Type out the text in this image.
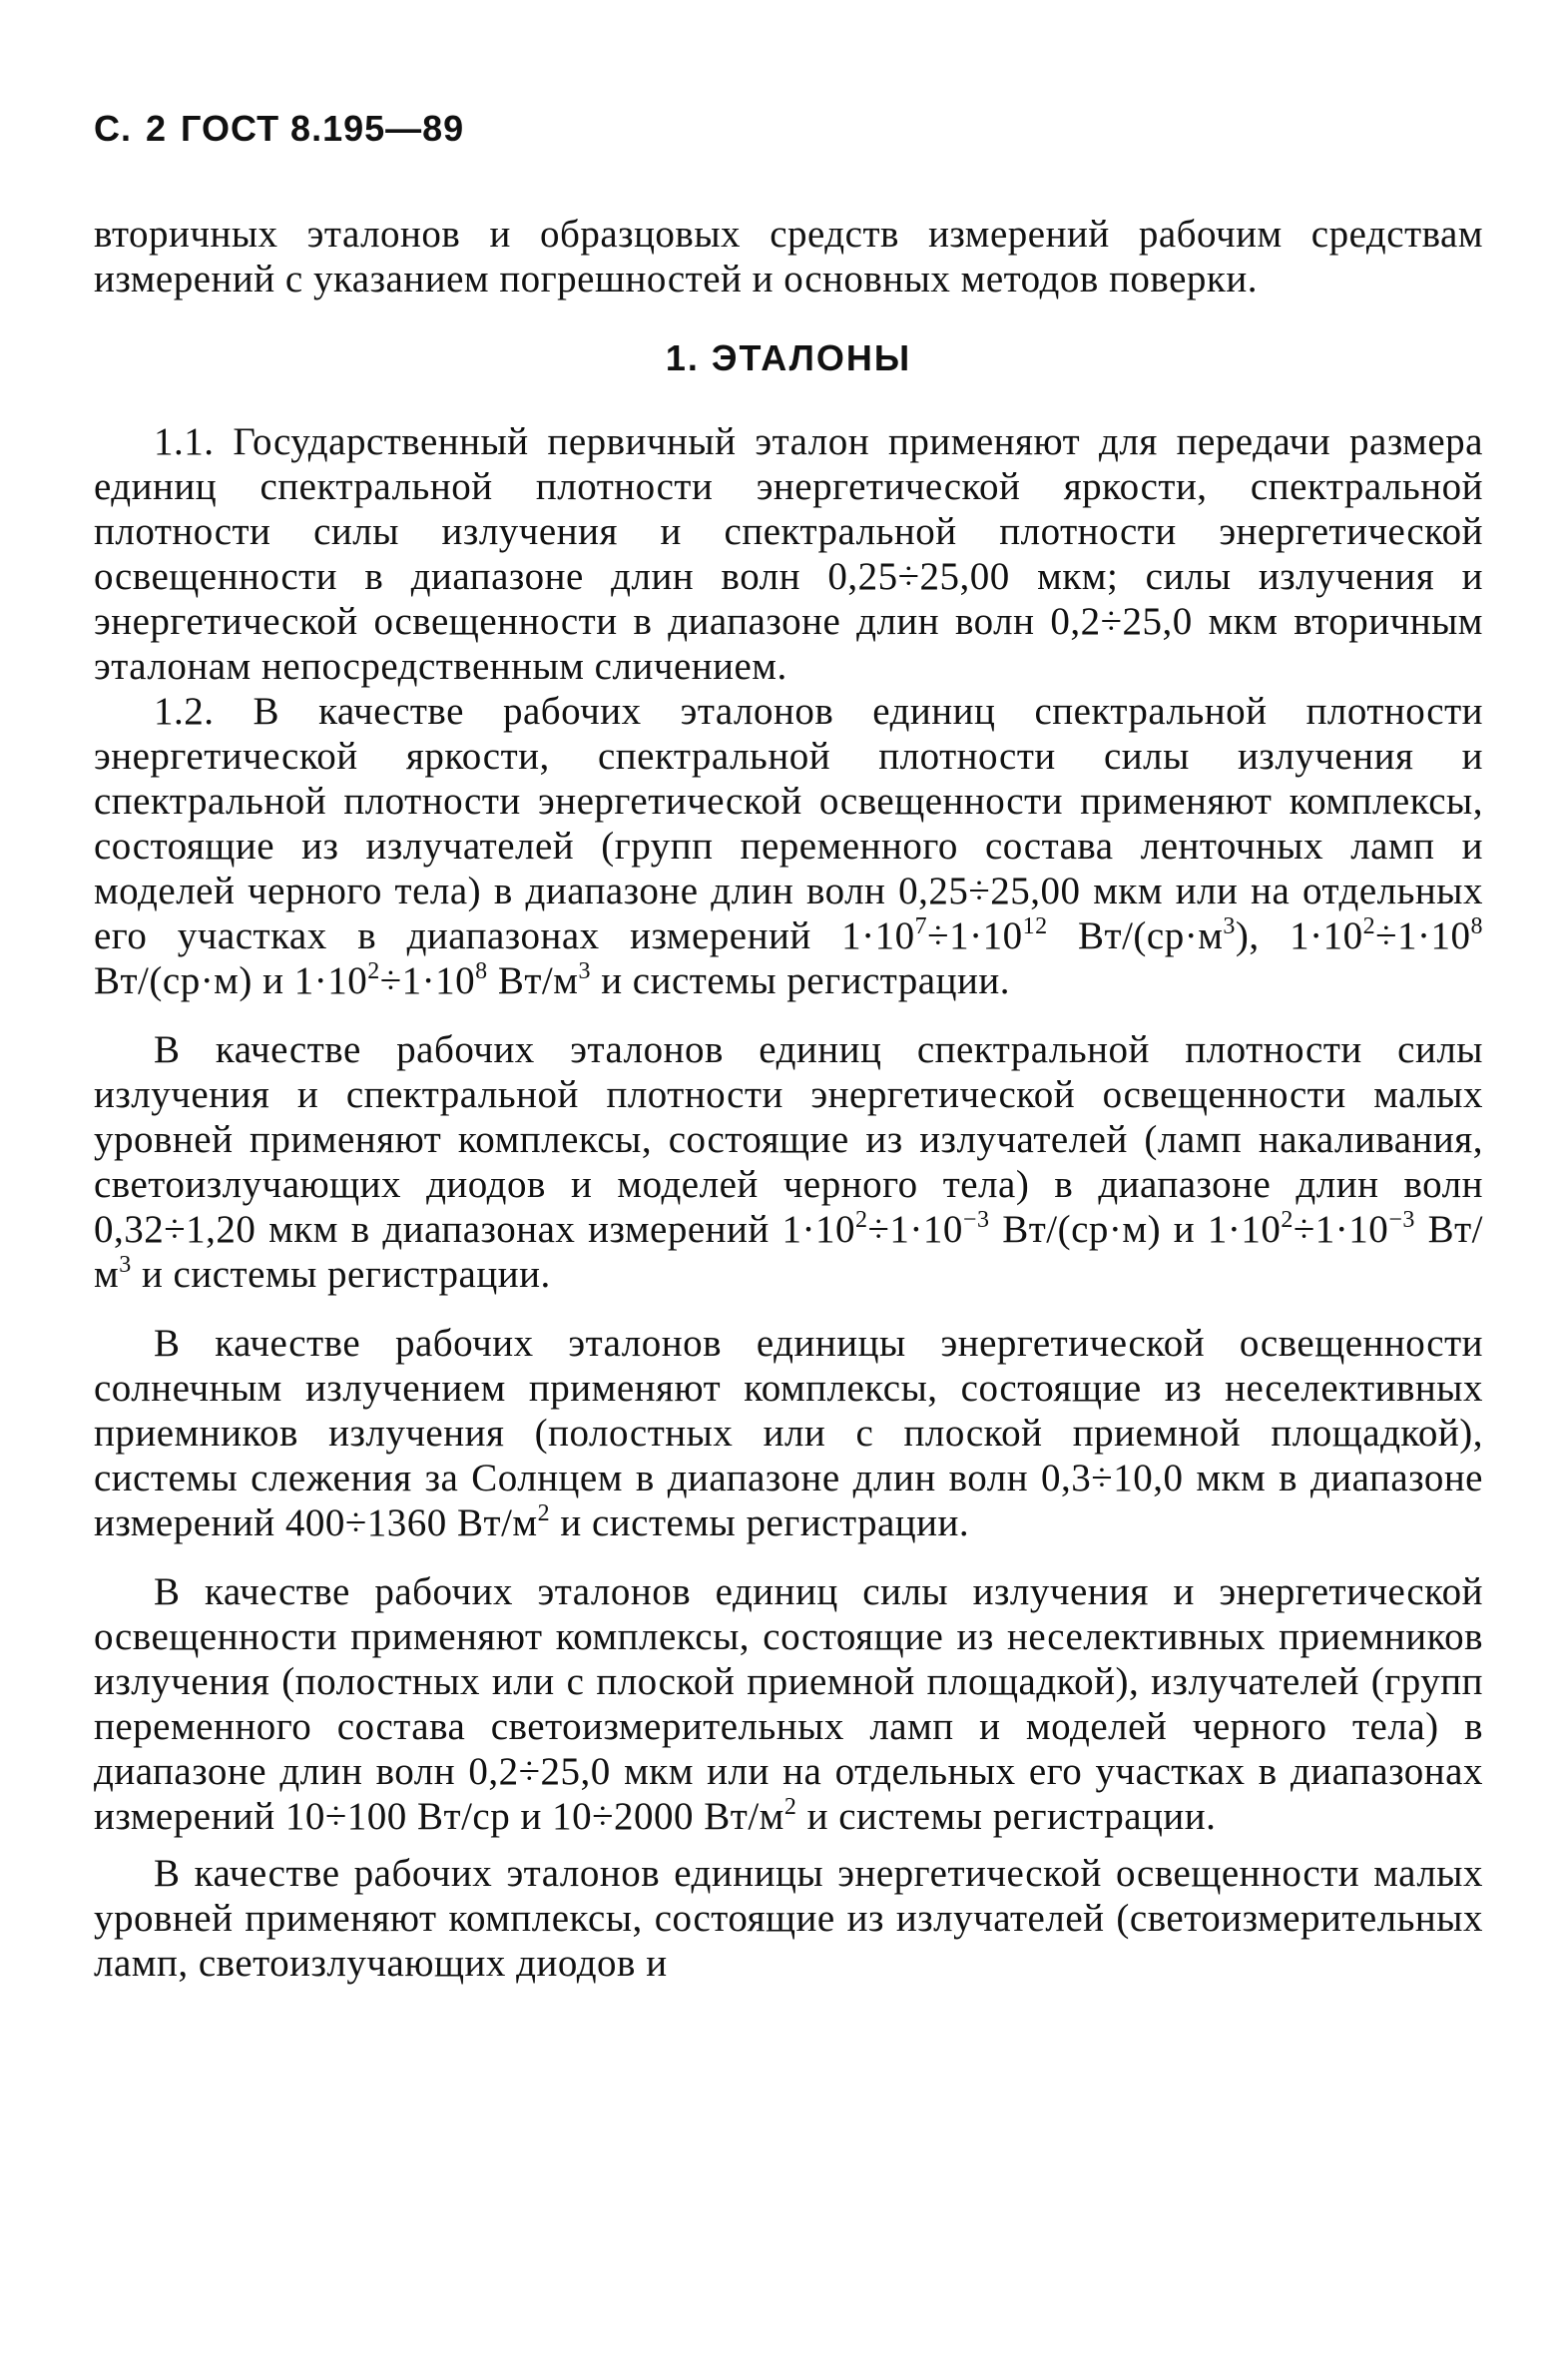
С. 2 ГОСТ 8.195—89

вторичных эталонов и образцовых средств измерений рабочим средствам измерений с указанием погрешностей и основных методов поверки.

1. ЭТАЛОНЫ

1.1. Государственный первичный эталон применяют для передачи размера единиц спектральной плотности энергетической яркости, спектральной плотности силы излучения и спектральной плотности энергетической освещенности в диапазоне длин волн 0,25÷25,00 мкм; силы излучения и энергетической освещенности в диапазоне длин волн 0,2÷25,0 мкм вторичным эталонам непосредственным сличением.

1.2. В качестве рабочих эталонов единиц спектральной плотности энергетической яркости, спектральной плотности силы излучения и спектральной плотности энергетической освещенности применяют комплексы, состоящие из излучателей (групп переменного состава ленточных ламп и моделей черного тела) в диапазоне длин волн 0,25÷25,00 мкм или на отдельных его участках в диапазонах измерений $1\cdot 10^7\div 1\cdot 10^{12}$ $Вт/(ср\cdot м^3)$, $1\cdot 10^2\div 1\cdot 10^8$ Вт/(ср·м) и $1\cdot 10^2\div 1\cdot 10^8$ $Вт/м^3$ и системы регистрации.

В качестве рабочих эталонов единиц спектральной плотности силы излучения и спектральной плотности энергетической освещенности малых уровней применяют комплексы, состоящие из излучателей (ламп накаливания, светоизлучающих диодов и моделей черного тела) в диапазоне длин волн 0,32÷1,20 мкм в диапазонах измерений $1\cdot 10^2\div 1\cdot 10^{-3}$ Вт/(ср·м) и $1\cdot 10^2\div 1\cdot 10^{-3}$ $Вт/м^3$ и системы регистрации.

В качестве рабочих эталонов единицы энергетической освещенности солнечным излучением применяют комплексы, состоящие из неселективных приемников излучения (полостных или с плоской приемной площадкой), системы слежения за Солнцем в диапазоне длин волн 0,3÷10,0 мкм в диапазоне измерений 400÷1360 $Вт/м^2$ и системы регистрации.

В качестве рабочих эталонов единиц силы излучения и энергетической освещенности применяют комплексы, состоящие из неселективных приемников излучения (полостных или с плоской приемной площадкой), излучателей (групп переменного состава светоизмерительных ламп и моделей черного тела) в диапазоне длин волн 0,2÷25,0 мкм или на отдельных его участках в диапазонах измерений 10÷100 Вт/ср и 10÷2000 $Вт/м^2$ и системы регистрации.

В качестве рабочих эталонов единицы энергетической освещенности малых уровней применяют комплексы, состоящие из излучателей (светоизмерительных ламп, светоизлучающих диодов и
